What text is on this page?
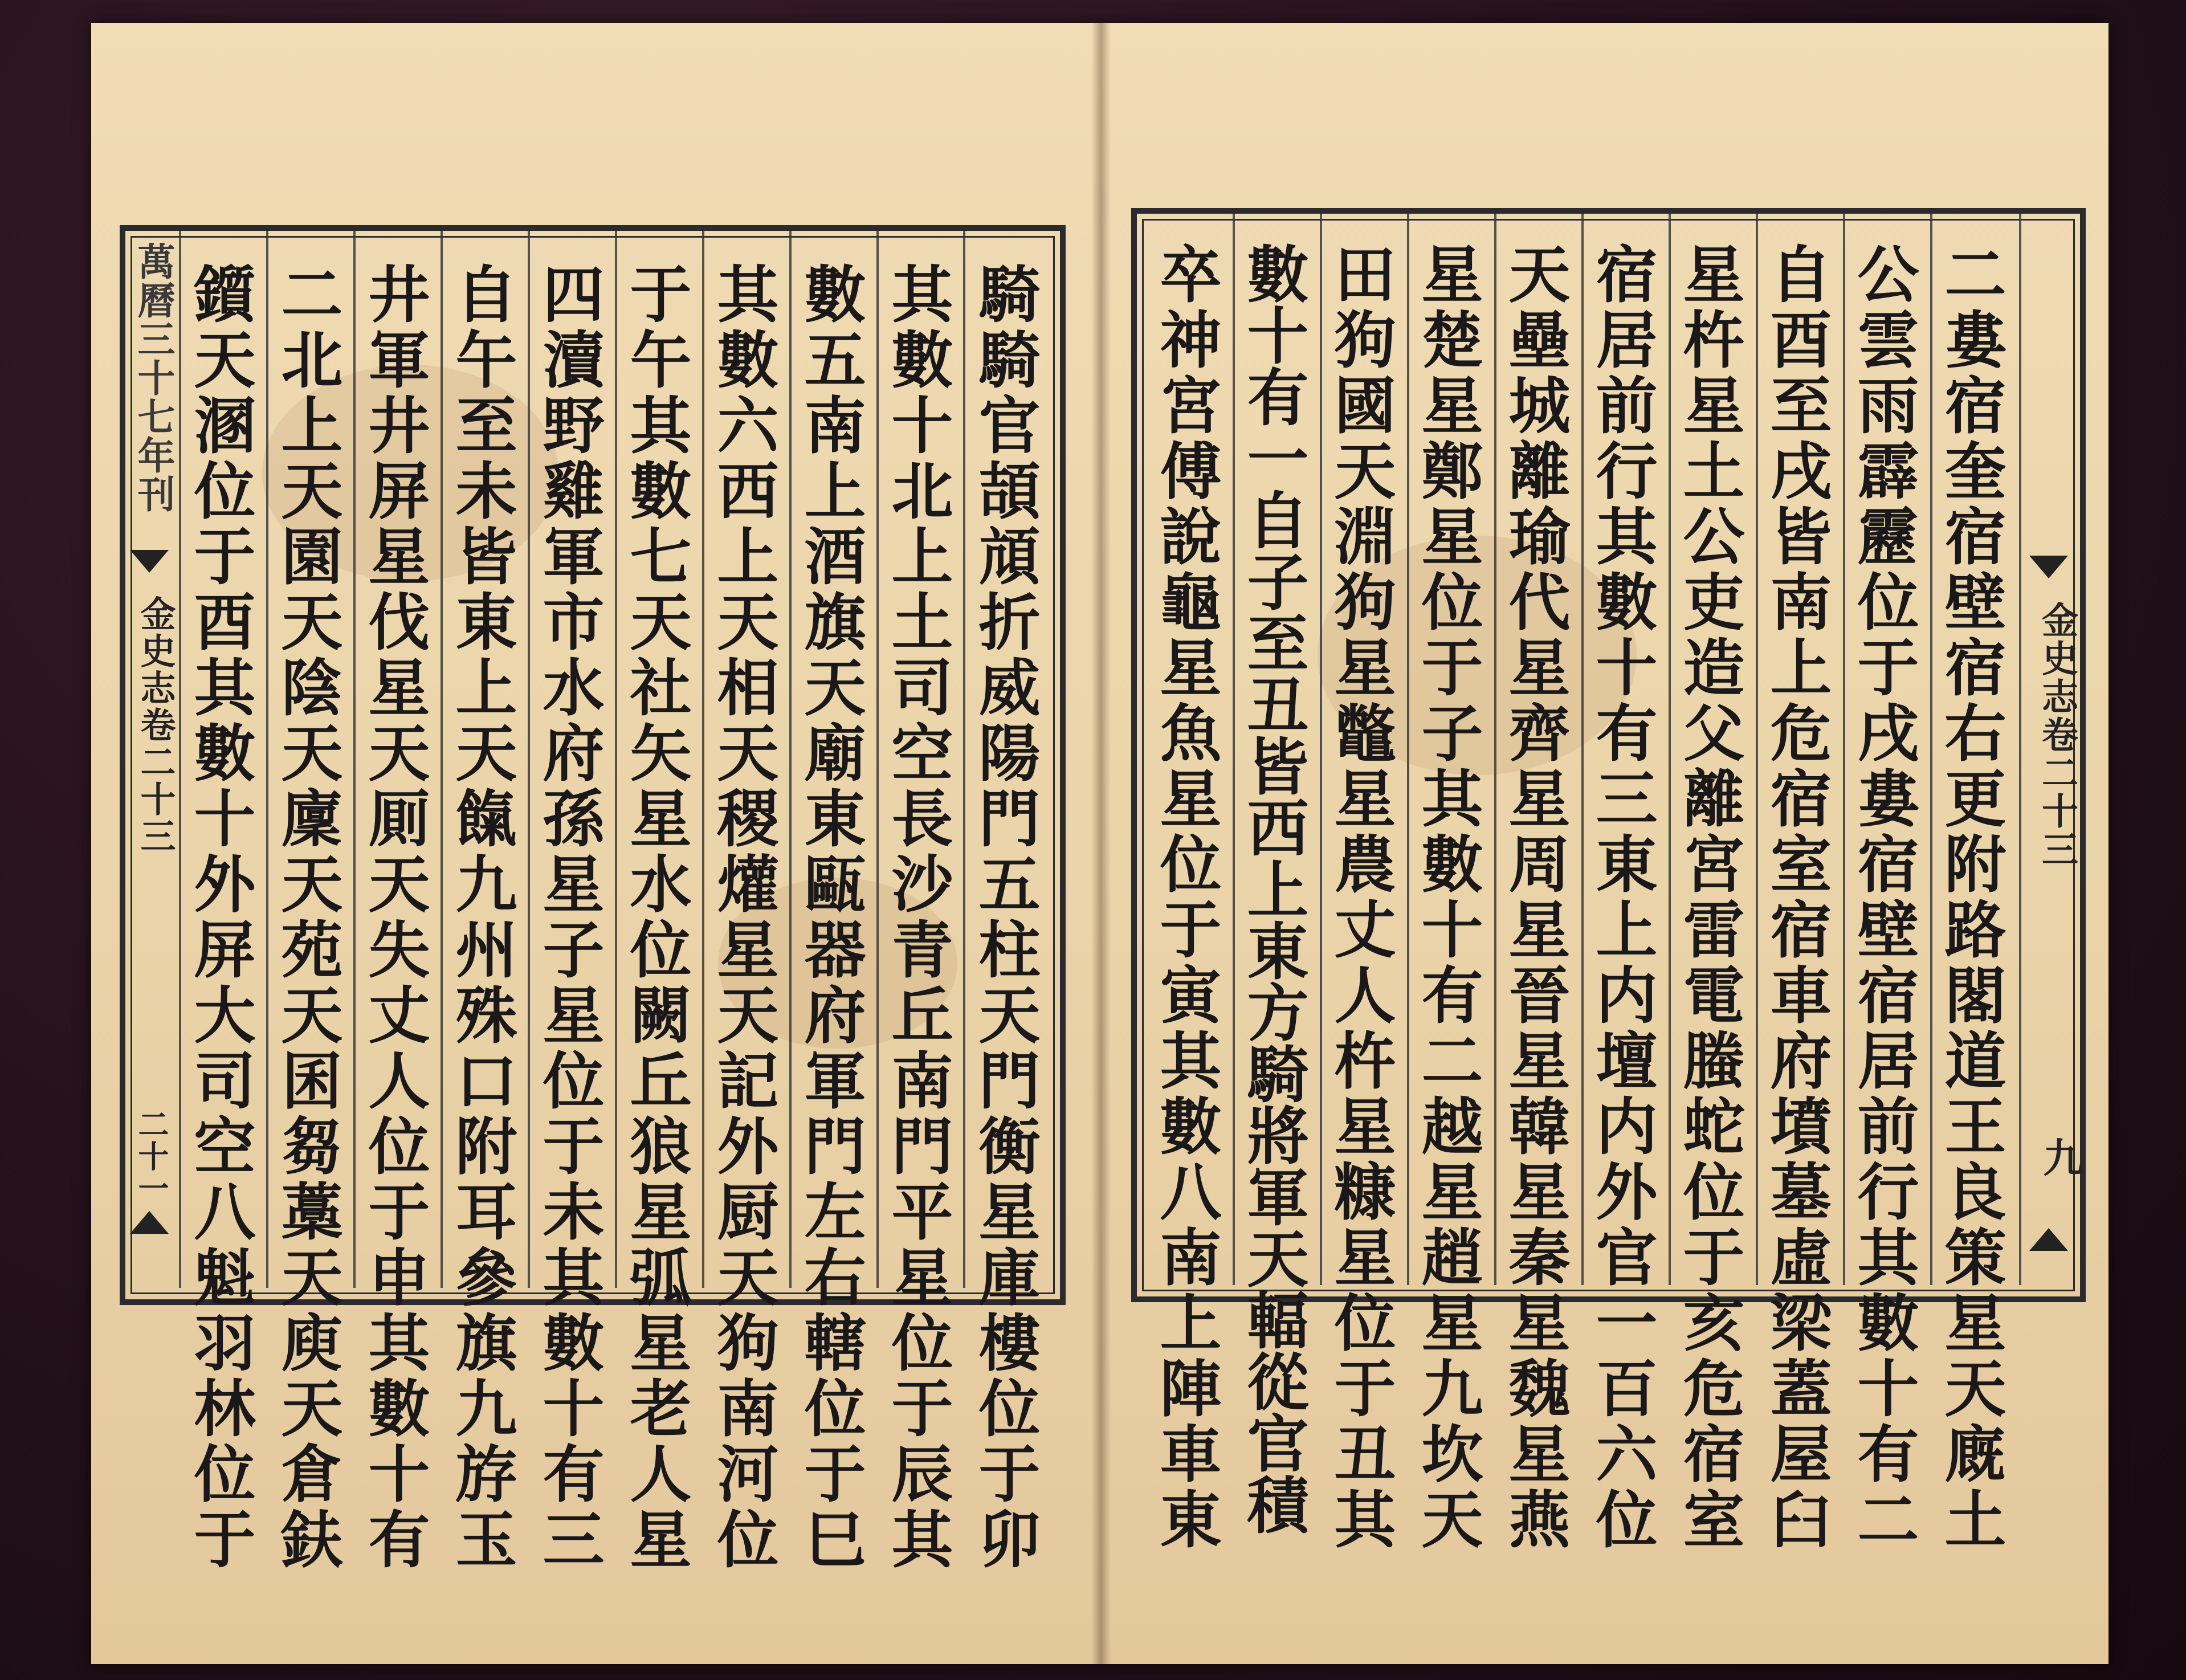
萬曆三十七年刊
金史志卷二十三
二十一	騎騎官頡頏折威陽門五柱天門衡星庫樓位于卯
其數十北上土司空長沙青丘南門平星位于辰其
數五南上酒旗天廟東甌器府軍門左右轄位于巳
其數六西上天相天稷爟星天記外厨天狗南河位
于午其數七天社矢星水位闕丘狼星弧星老人星
四瀆野雞軍市水府孫星子星位于未其數十有三
自午至未皆東上天餼九州殊口附耳參旗九斿玉
井軍井屏星伐星天厠天失丈人位于申其數十有
二北上天園天陰天廩天苑天囷芻藁天庾天倉鈇
鑕天溷位于酉其數十外屏大司空八魁羽林位于	二婁宿奎宿壁宿右更附路閣道王良策星天廐土
公雲雨霹靂位于戌婁宿壁宿居前行其數十有二
自酉至戌皆南上危宿室宿車府墳墓虛梁蓋屋臼
星杵星土公吏造父離宮雷電螣蛇位于亥危宿室
宿居前行其數十有三東上内壇内外官一百六位
天壘城離瑜代星齊星周星晉星韓星秦星魏星燕
星楚星鄭星位于子其數十有二越星趙星九坎天
田狗國天淵狗星鼈星農丈人杵星糠星位于丑其
數十有一自子至丑皆西上東方騎將軍天輻從官積
卒神宮傅說龜星魚星位于寅其數八南上陣車東	金史志卷二十三
九
